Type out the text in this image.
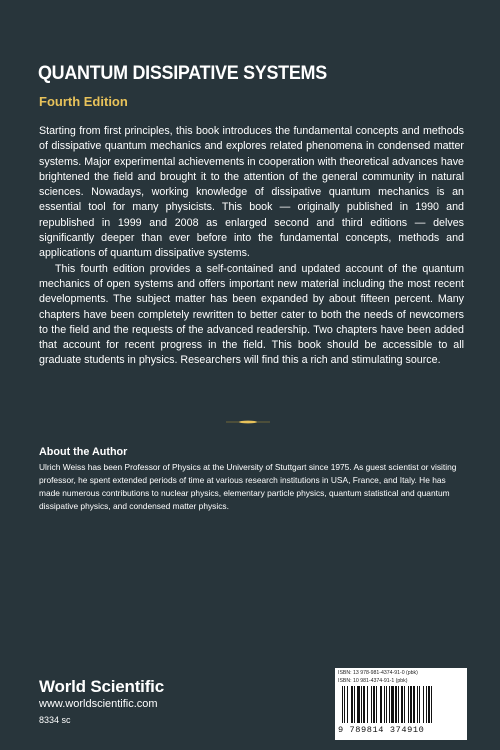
QUANTUM DISSIPATIVE SYSTEMS
Fourth Edition

Starting from first principles, this book introduces the fundamental concepts and methods of dissipative quantum mechanics and explores related phenomena in condensed matter systems. Major experimental achievements in cooperation with theoretical advances have brightened the field and brought it to the attention of the general community in natural sciences. Nowadays, working knowledge of dissipative quantum mechanics is an essential tool for many physicists. This book — originally published in 1990 and republished in 1999 and 2008 as enlarged second and third editions — delves significantly deeper than ever before into the fundamental concepts, methods and applications of quantum dissipative systems.

This fourth edition provides a self-contained and updated account of the quantum mechanics of open systems and offers important new material including the most recent developments. The subject matter has been expanded by about fifteen percent. Many chapters have been completely rewritten to better cater to both the needs of newcomers to the field and the requests of the advanced readership. Two chapters have been added that account for recent progress in the field. This book should be accessible to all graduate students in physics. Researchers will find this a rich and stimulating source.

About the Author

Ulrich Weiss has been Professor of Physics at the University of Stuttgart since 1975. As guest scientist or visiting professor, he spent extended periods of time at various research institutions in USA, France, and Italy. He has made numerous contributions to nuclear physics, elementary particle physics, quantum statistical and quantum dissipative physics, and condensed matter physics.

World Scientific
www.worldscientific.com
8334 sc
ISBN: 13 978-981-4374-91-0 (pbk)
ISBN: 10 981-4374-91-1 (pbk)
9 789814 374910
